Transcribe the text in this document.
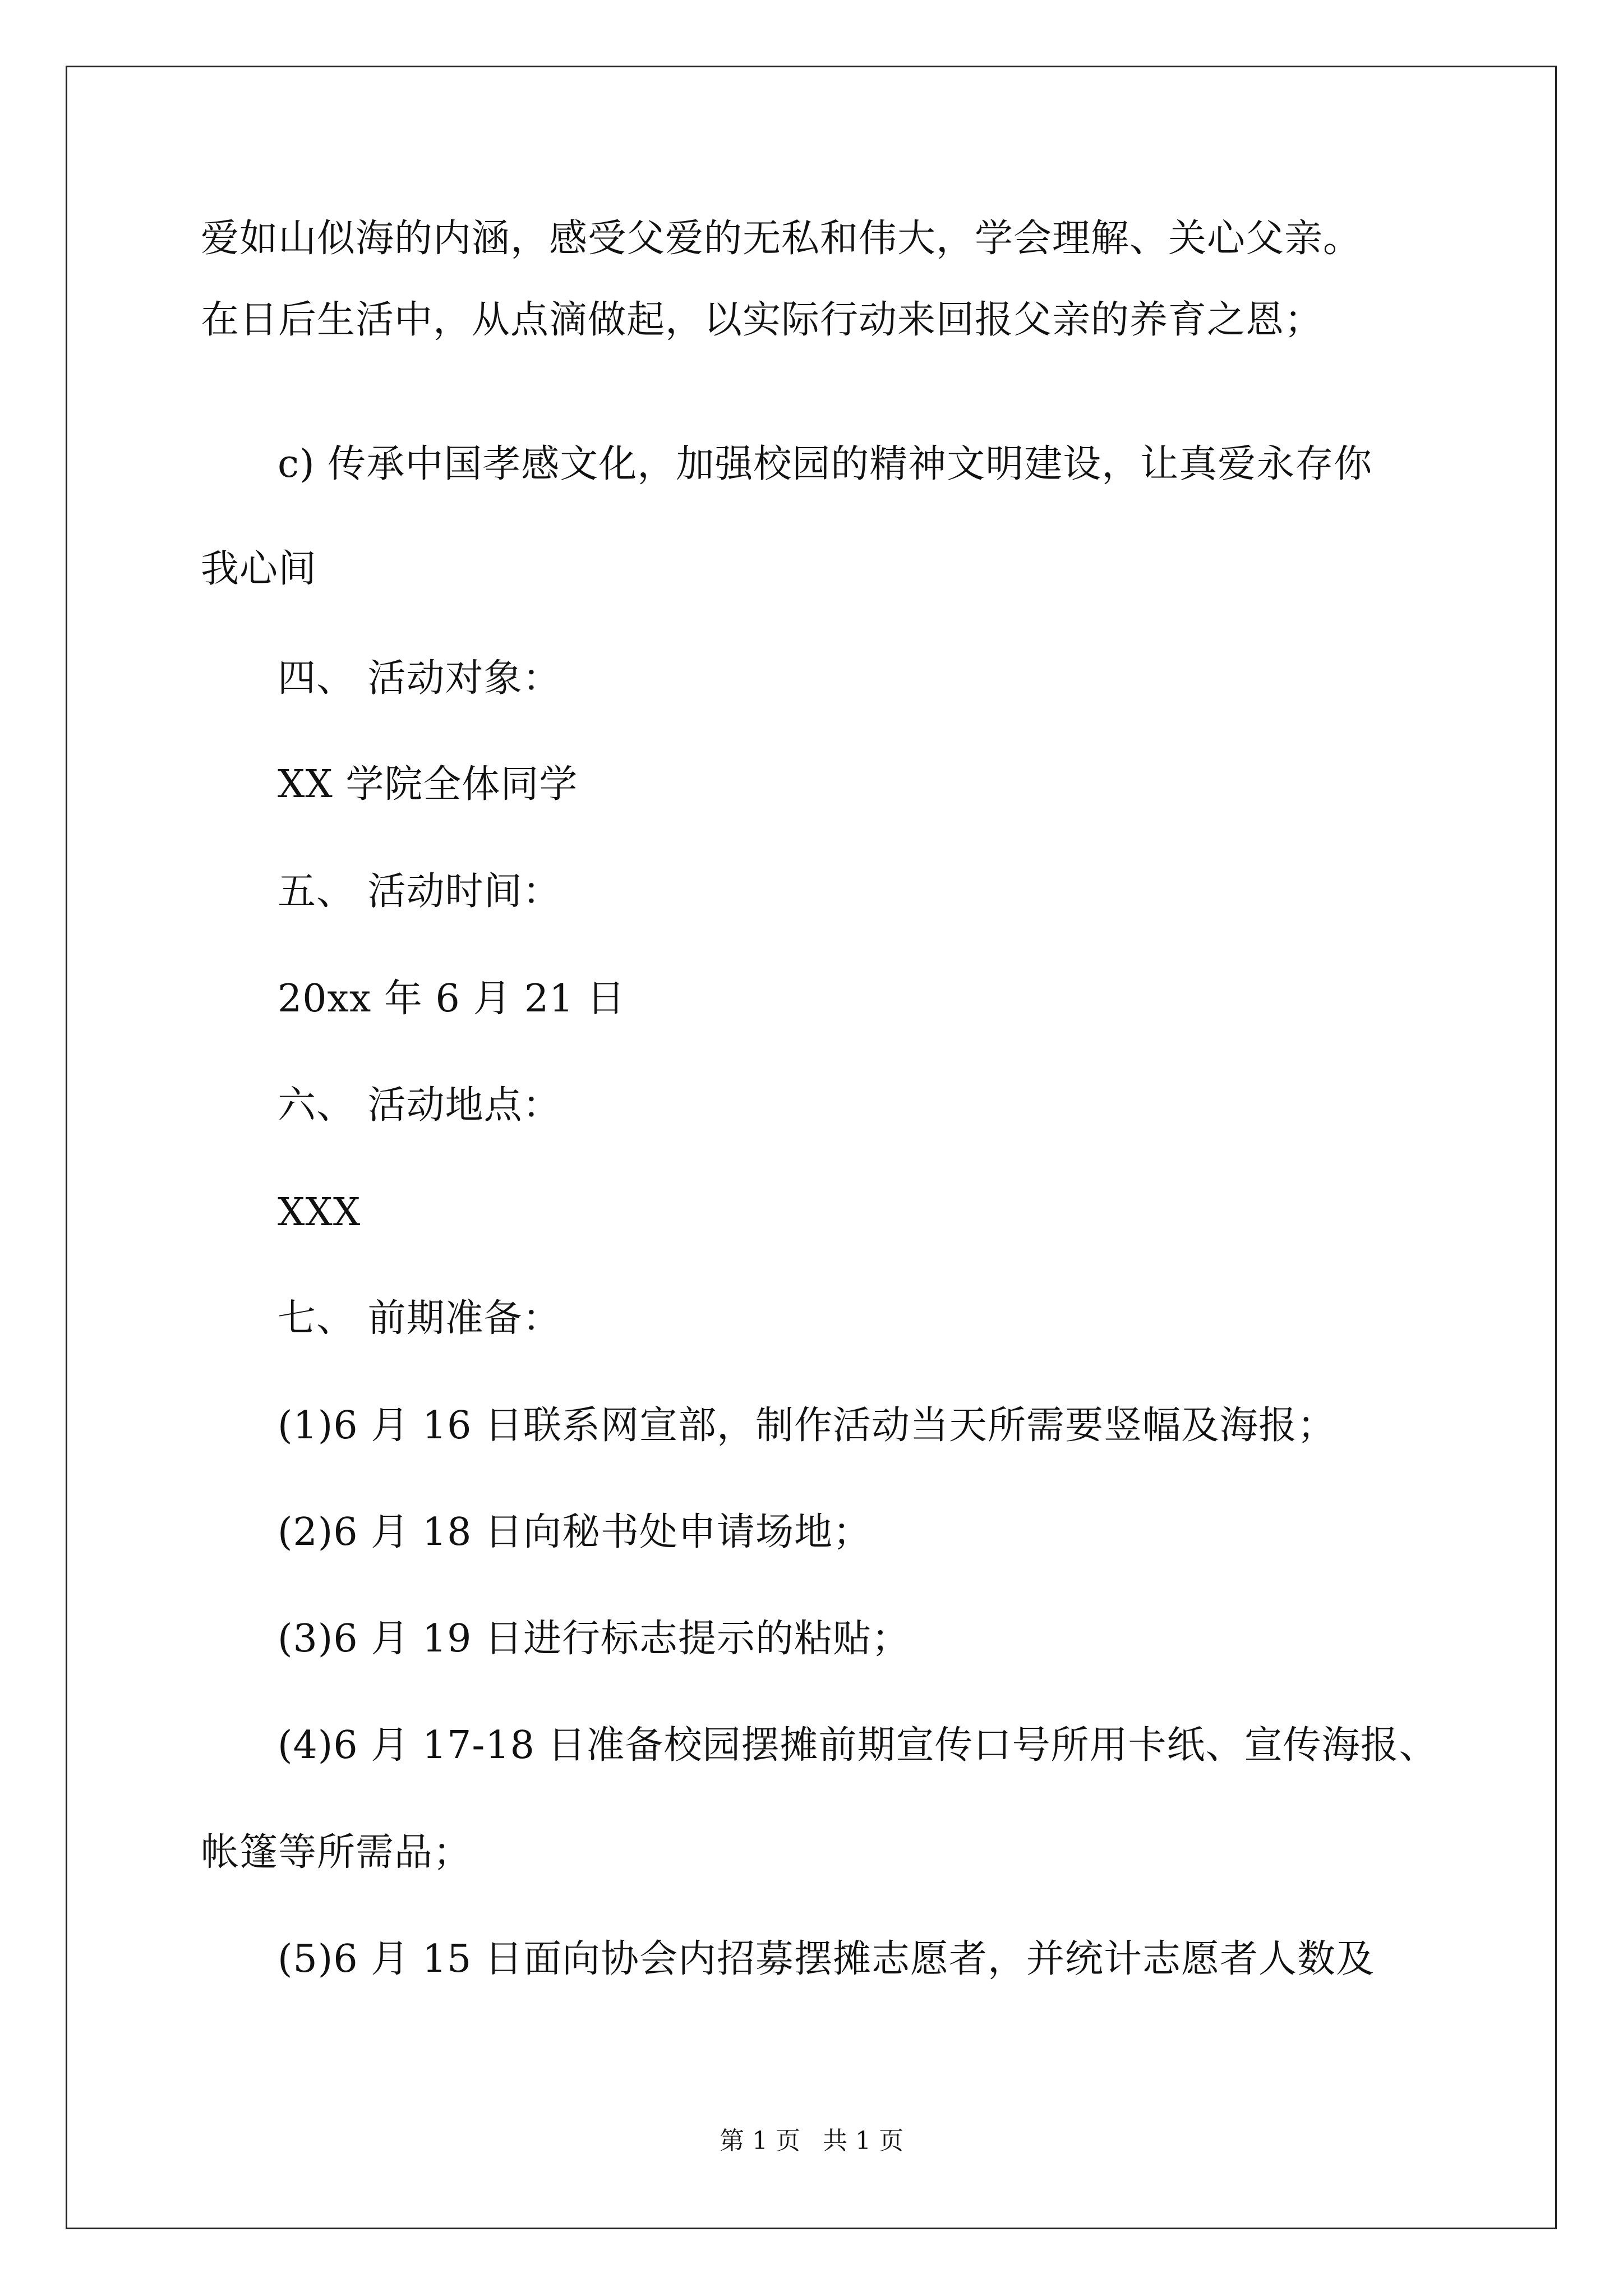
爱如山似海的内涵，感受父爱的无私和伟大，学会理解、关心父亲。
在日后生活中，从点滴做起，以实际行动来回报父亲的养育之恩；
c) 传承中国孝感文化，加强校园的精神文明建设，让真爱永存你
我心间
四、 活动对象：
XX 学院全体同学
五、 活动时间：
20xx 年 6 月 21 日
六、 活动地点：
XXX
七、 前期准备：
(1)6 月 16 日联系网宣部，制作活动当天所需要竖幅及海报；
(2)6 月 18 日向秘书处申请场地；
(3)6 月 19 日进行标志提示的粘贴；
(4)6 月 17-18 日准备校园摆摊前期宣传口号所用卡纸、宣传海报、
帐篷等所需品；
(5)6 月 15 日面向协会内招募摆摊志愿者，并统计志愿者人数及
第 1 页 共 1 页
